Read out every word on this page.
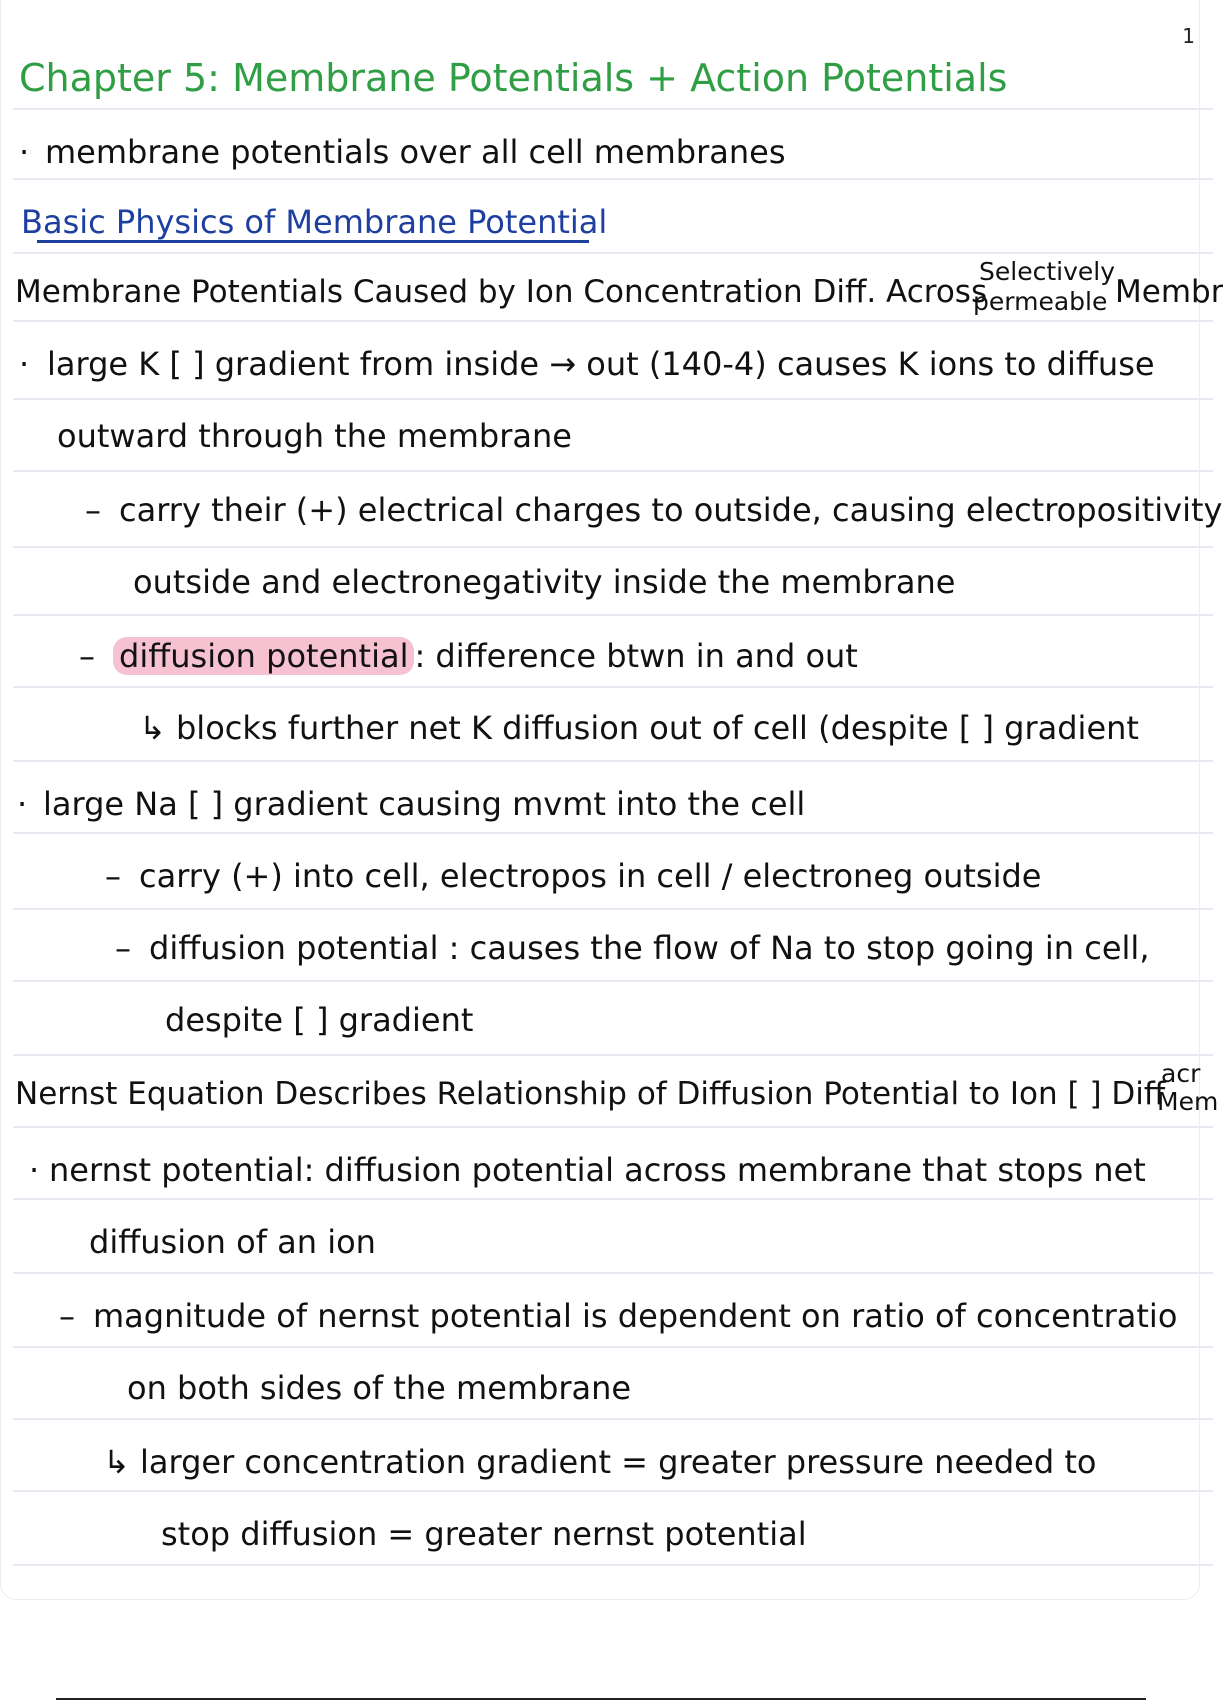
1
Chapter 5: Membrane Potentials + Action Potentials
· membrane potentials over all cell membranes
Basic Physics of Membrane Potential
Membrane Potentials Caused by Ion Concentration Diff. Across
Selectively
permeable Membr
· large K [ ] gradient from inside → out (140-4) causes K ions to diffuse
outward through the membrane
– carry their (+) electrical charges to outside, causing electropositivity
outside and electronegativity inside the membrane
– diffusion potential : difference btwn in and out
↳ blocks further net K diffusion out of cell (despite [ ] gradient
· large Na [ ] gradient causing mvmt into the cell
– carry (+) into cell, electropos in cell / electroneg outside
– diffusion potential : causes the flow of Na to stop going in cell,
despite [ ] gradient
Nernst Equation Describes Relationship of Diffusion Potential to Ion [ ] Diff
acr
Mem
· nernst potential: diffusion potential across membrane that stops net
diffusion of an ion
– magnitude of nernst potential is dependent on ratio of concentratio
on both sides of the membrane
↳ larger concentration gradient = greater pressure needed to
stop diffusion = greater nernst potential
